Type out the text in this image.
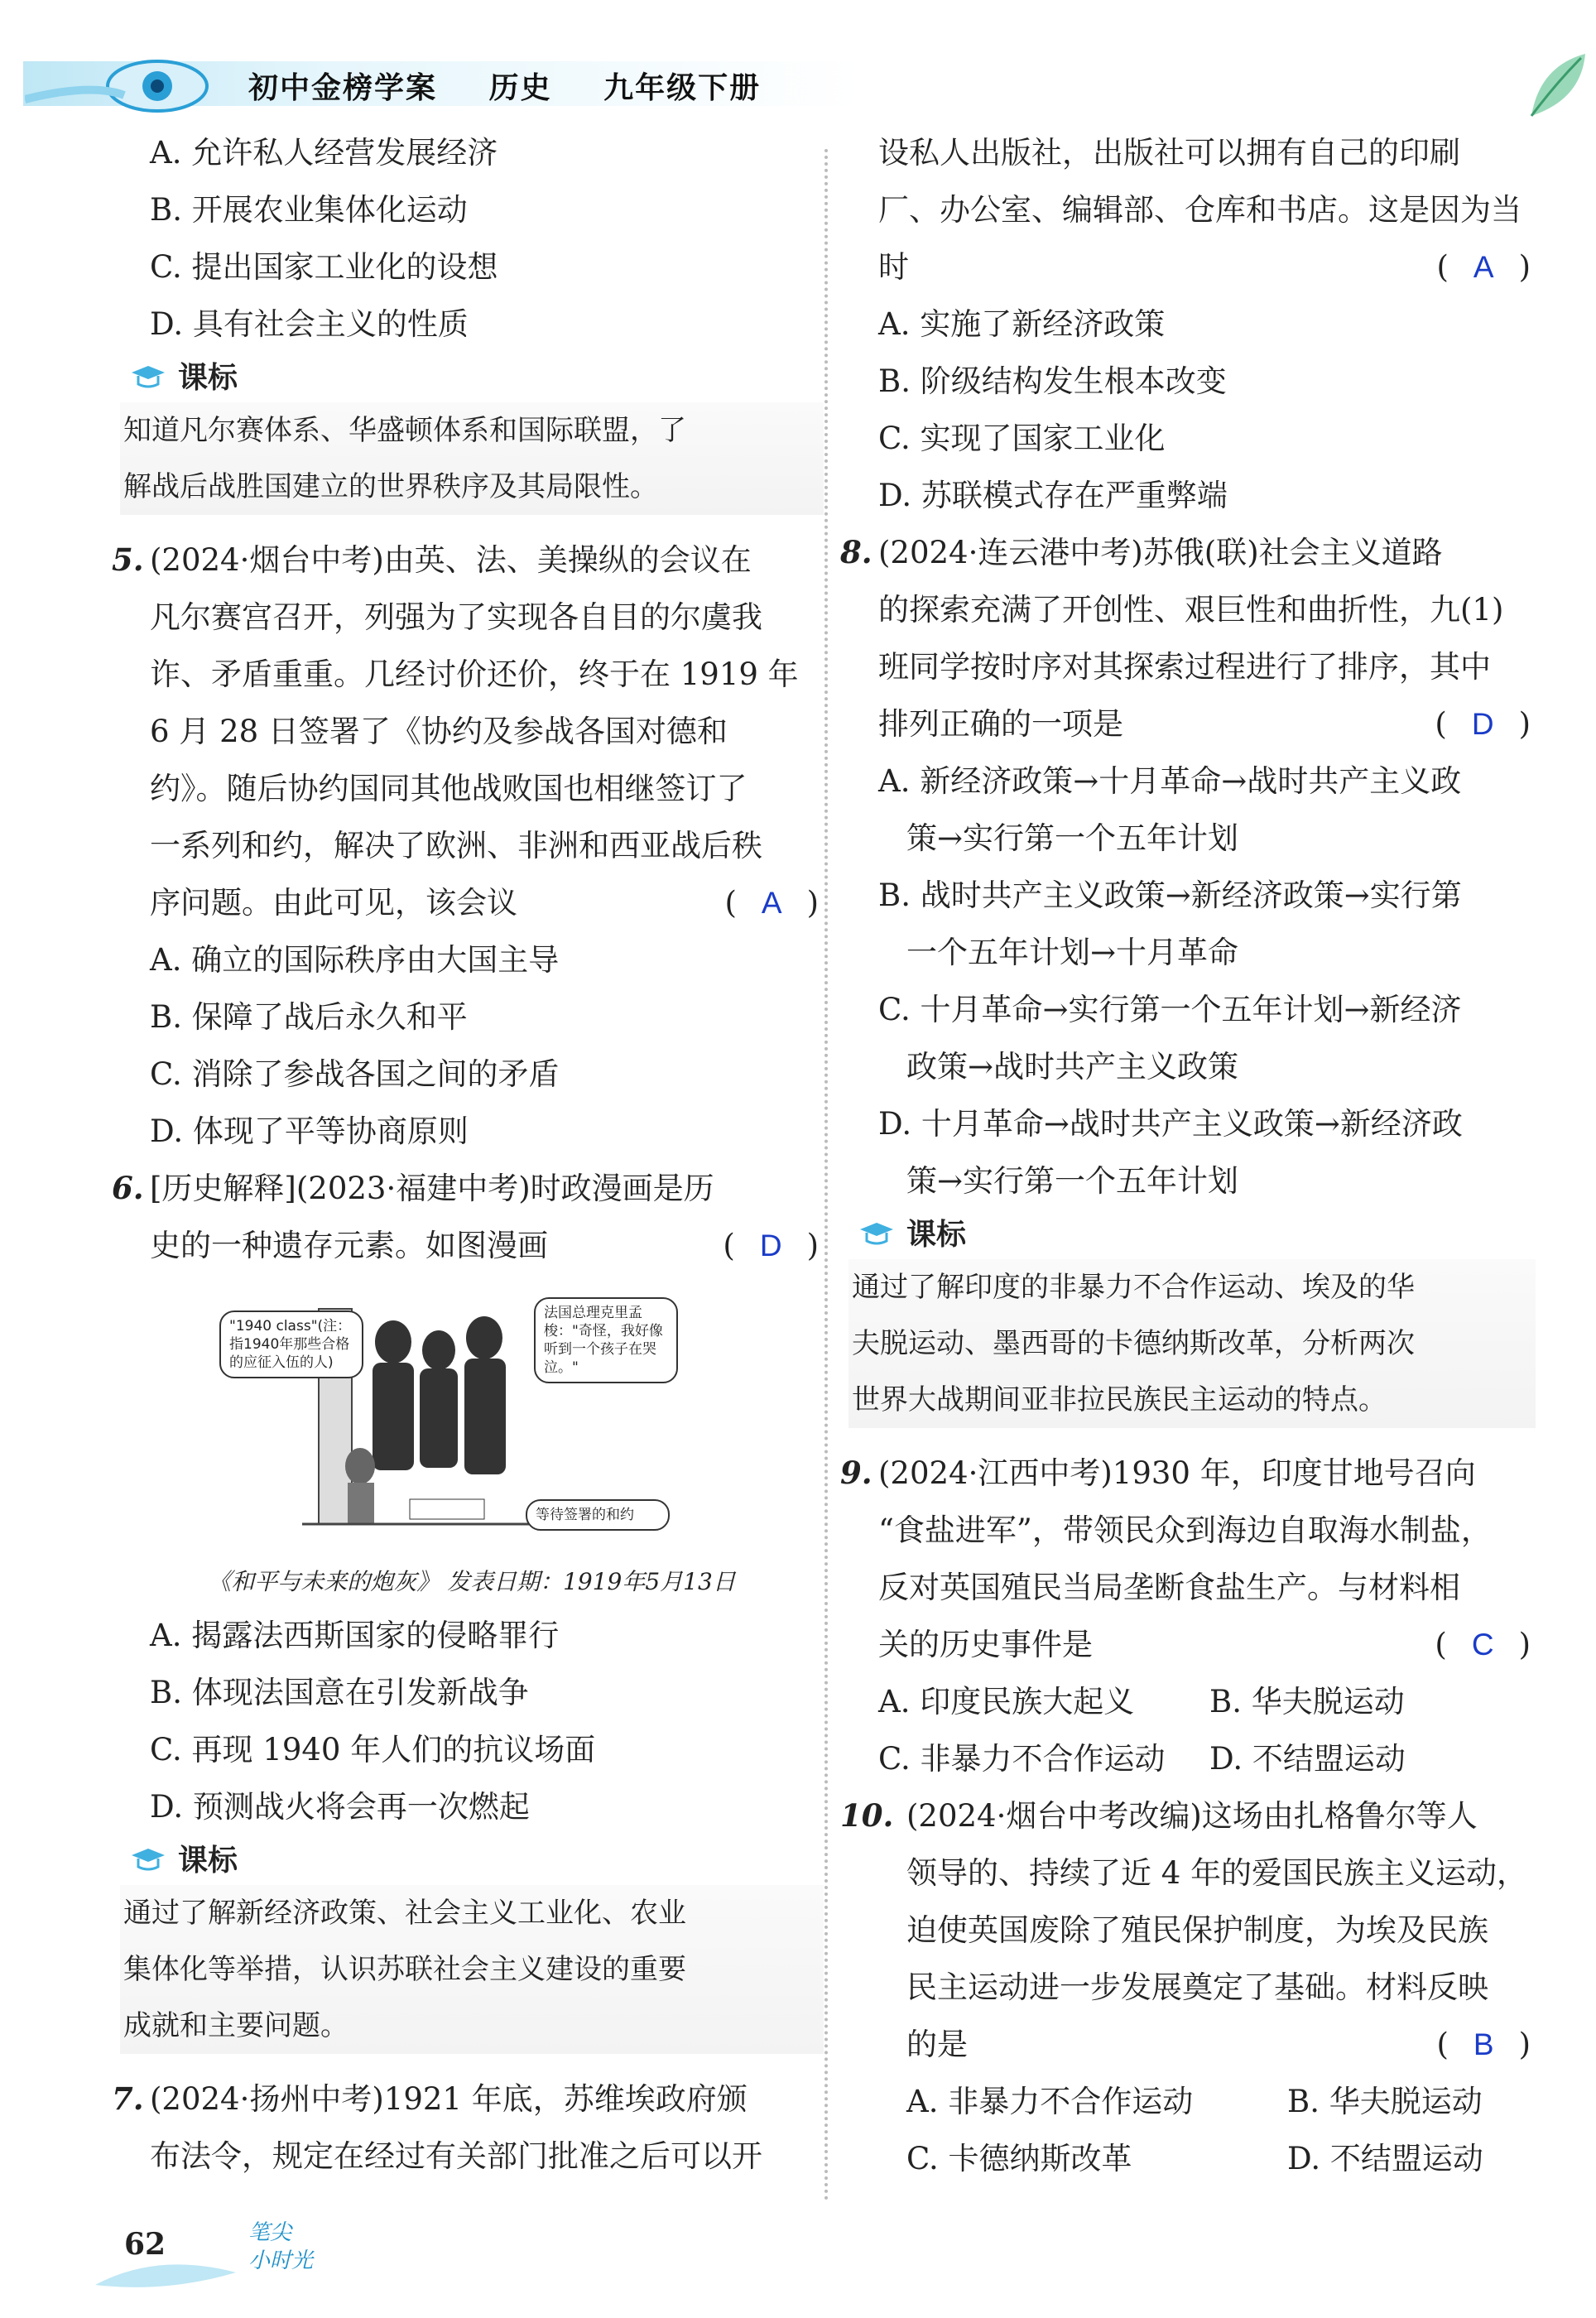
初中金榜学案 历史 九年级下册
A. 允许私人经营发展经济
B. 开展农业集体化运动
C. 提出国家工业化的设想
D. 具有社会主义的性质
课标
知道凡尔赛体系、华盛顿体系和国际联盟，了
解战后战胜国建立的世界秩序及其局限性。
5. (2024·烟台中考)由英、法、美操纵的会议在
凡尔赛宫召开，列强为了实现各自目的尔虞我
诈、矛盾重重。几经讨价还价，终于在 1919 年
6 月 28 日签署了《协约及参战各国对德和
约》。随后协约国同其他战败国也相继签订了
一系列和约，解决了欧洲、非洲和西亚战后秩
序问题。由此可见，该会议	( A )
A. 确立的国际秩序由大国主导
B. 保障了战后永久和平
C. 消除了参战各国之间的矛盾
D. 体现了平等协商原则
6. [历史解释](2023·福建中考)时政漫画是历
史的一种遗存元素。如图漫画	( D )
"1940 class"(注：指1940年那些合格的应征入伍的人)
法国总理克里孟梭："奇怪，我好像听到一个孩子在哭泣。"
等待签署的和约
《和平与未来的炮灰》 发表日期：1919年5月13日
A. 揭露法西斯国家的侵略罪行
B. 体现法国意在引发新战争
C. 再现 1940 年人们的抗议场面
D. 预测战火将会再一次燃起
课标
通过了解新经济政策、社会主义工业化、农业
集体化等举措，认识苏联社会主义建设的重要
成就和主要问题。
7. (2024·扬州中考)1921 年底，苏维埃政府颁
布法令，规定在经过有关部门批准之后可以开
设私人出版社，出版社可以拥有自己的印刷
厂、办公室、编辑部、仓库和书店。这是因为当
时	( A )
A. 实施了新经济政策
B. 阶级结构发生根本改变
C. 实现了国家工业化
D. 苏联模式存在严重弊端
8. (2024·连云港中考)苏俄(联)社会主义道路
的探索充满了开创性、艰巨性和曲折性，九(1)
班同学按时序对其探索过程进行了排序，其中
排列正确的一项是	( D )
A. 新经济政策→十月革命→战时共产主义政
策→实行第一个五年计划
B. 战时共产主义政策→新经济政策→实行第
一个五年计划→十月革命
C. 十月革命→实行第一个五年计划→新经济
政策→战时共产主义政策
D. 十月革命→战时共产主义政策→新经济政
策→实行第一个五年计划
课标
通过了解印度的非暴力不合作运动、埃及的华
夫脱运动、墨西哥的卡德纳斯改革，分析两次
世界大战期间亚非拉民族民主运动的特点。
9. (2024·江西中考)1930 年，印度甘地号召向
“食盐进军”，带领民众到海边自取海水制盐，
反对英国殖民当局垄断食盐生产。与材料相
关的历史事件是	( C )
A. 印度民族大起义 B. 华夫脱运动
C. 非暴力不合作运动 D. 不结盟运动
10. (2024·烟台中考改编)这场由扎格鲁尔等人
领导的、持续了近 4 年的爱国民族主义运动，
迫使英国废除了殖民保护制度，为埃及民族
民主运动进一步发展奠定了基础。材料反映
的是	( B )
A. 非暴力不合作运动	B. 华夫脱运动
C. 卡德纳斯改革	D. 不结盟运动
62	笔尖
小时光
